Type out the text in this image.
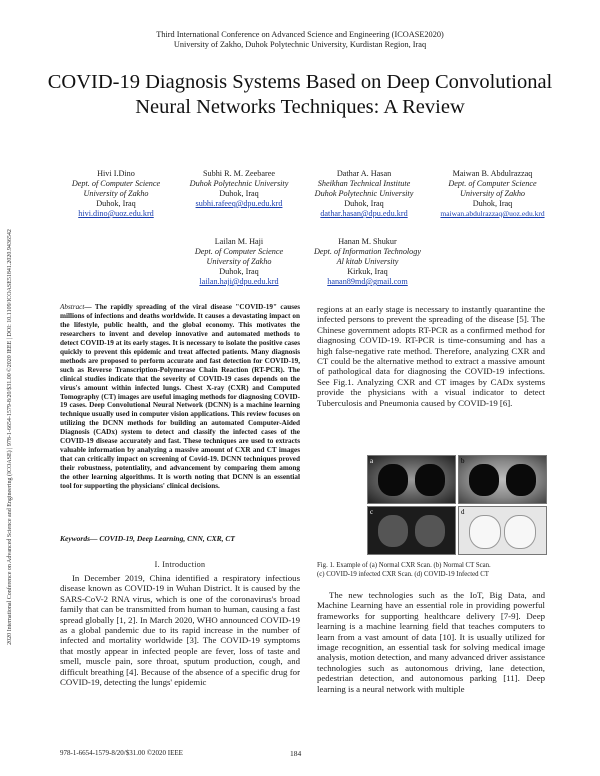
Third International Conference on Advanced Science and Engineering (ICOASE2020)
University of Zakho, Duhok Polytechnic University, Kurdistan Region, Iraq
COVID-19 Diagnosis Systems Based on Deep Convolutional Neural Networks Techniques: A Review
Hivi I.Dino
Dept. of Computer Science
University of Zakho
Duhok, Iraq
hivi.dino@uoz.edu.krd
Subhi R. M. Zeebaree
Duhok Polytechnic University
Duhok, Iraq
subhi.rafeeq@dpu.edu.krd
Dathar A. Hasan
Sheikhan Technical Institute
Duhok Polytechnic University
Duhok, Iraq
dathar.hasan@dpu.edu.krd
Maiwan B. Abdulrazzaq
Dept. of Computer Science
University of Zakho
Duhok, Iraq
maiwan.abdulrazzaq@uoz.edu.krd
Lailan M. Haji
Dept. of Computer Science
University of Zakho
Duhok, Iraq
lailan.haji@dpu.edu.krd
Hanan M. Shukur
Dept. of Information Technology
Al kitab University
Kirkuk, Iraq
hanan89md@gmail.com
2020 International Conference on Advanced Science and Engineering (ICOASE) | 978-1-6654-1579-8/20/$31.00 ©2020 IEEE | DOI: 10.1109/ICOASE51841.2020.9436542	Abstract— The rapidly spreading of the viral disease "COVID-19" causes millions of infections and deaths worldwide. It causes a devastating impact on the lifestyle, public health, and the global economy. This motivates the researchers to invent and develop innovative and automated methods to detect COVID-19 at its early stages. It is necessary to isolate the positive cases quickly to prevent this epidemic and treat affected patients. Many diagnosis methods are proposed to perform accurate and fast detection for COVID-19, such as Reverse Transcription-Polymerase Chain Reaction (RT-PCR). The clinical studies indicate that the severity of COVID-19 cases depends on the virus's amount within infected lungs. Chest X-ray (CXR) and Computed Tomography (CT) images are useful imaging methods for diagnosing COVID-19 cases. Deep Convolutional Neural Network (DCNN) is a machine learning technique usually used in computer vision applications. This review focuses on utilizing the DCNN methods for building an automated Computer-Aided Diagnosis (CADx) system to detect and classify the infected cases of the COVID-19 disease accurately and fast. These techniques are used to extracts valuable information by analyzing a massive amount of CXR and CT images that can critically impact on screening of Covid-19. DCNN techniques proved their robustness, potentiality, and advancement by comparing them among the other learning algorithms. It is worth noting that DCNN is an essential tool for supporting the physicians' clinical decisions.
Keywords— COVID-19, Deep Learning, CNN, CXR, CT
I. Introduction
In December 2019, China identified a respiratory infectious disease known as COVID-19 in Wuhan District. It is caused by the SARS-CoV-2 RNA virus, which is one of the coronavirus's broad family that can be transmitted from human to human, causing a fast spread globally [1, 2]. In March 2020, WHO announced COVID-19 as a global pandemic due to its rapid increase in the number of infected and mortality worldwide [3]. The COVID-19 symptoms that mostly appear in infected people are fever, loss of taste and smell, muscle pain, sore throat, sputum production, cough, and difficult breathing [4]. Because of the absence of a specific drug for COVID-19, detecting the lungs' epidemic
regions at an early stage is necessary to instantly quarantine the infected persons to prevent the spreading of the disease [5]. The Chinese government adopts RT-PCR as a confirmed method for diagnosing COVID-19. RT-PCR is time-consuming and has a high false-negative rate method. Therefore, analyzing CXR and CT could be the alternative method to extract a massive amount of pathological data for diagnosing the COVID-19 infections. See Fig.1. Analyzing CXR and CT images by CADx systems provide the physicians with a visual indicator to detect Tuberculosis and Pneumonia caused by COVID-19 [6].
a	b
c	d
Fig. 1. Example of (a) Normal CXR Scan. (b) Normal CT Scan.
(c) COVID-19 infected CXR Scan. (d) COVID-19 Infected CT
The new technologies such as the IoT, Big Data, and Machine Learning have an essential role in providing powerful frameworks for supporting healthcare delivery [7-9]. Deep learning is a machine learning field that teaches computers to learn from a vast amount of data [10]. It is usually utilized for image recognition, an essential task for solving medical image analysis, motion detection, and many advanced driver assistance technologies such as autonomous driving, lane detection, pedestrian detection, and autonomous parking [11]. Deep learning is a neural network with multiple
978-1-6654-1579-8/20/$31.00 ©2020 IEEE	184
